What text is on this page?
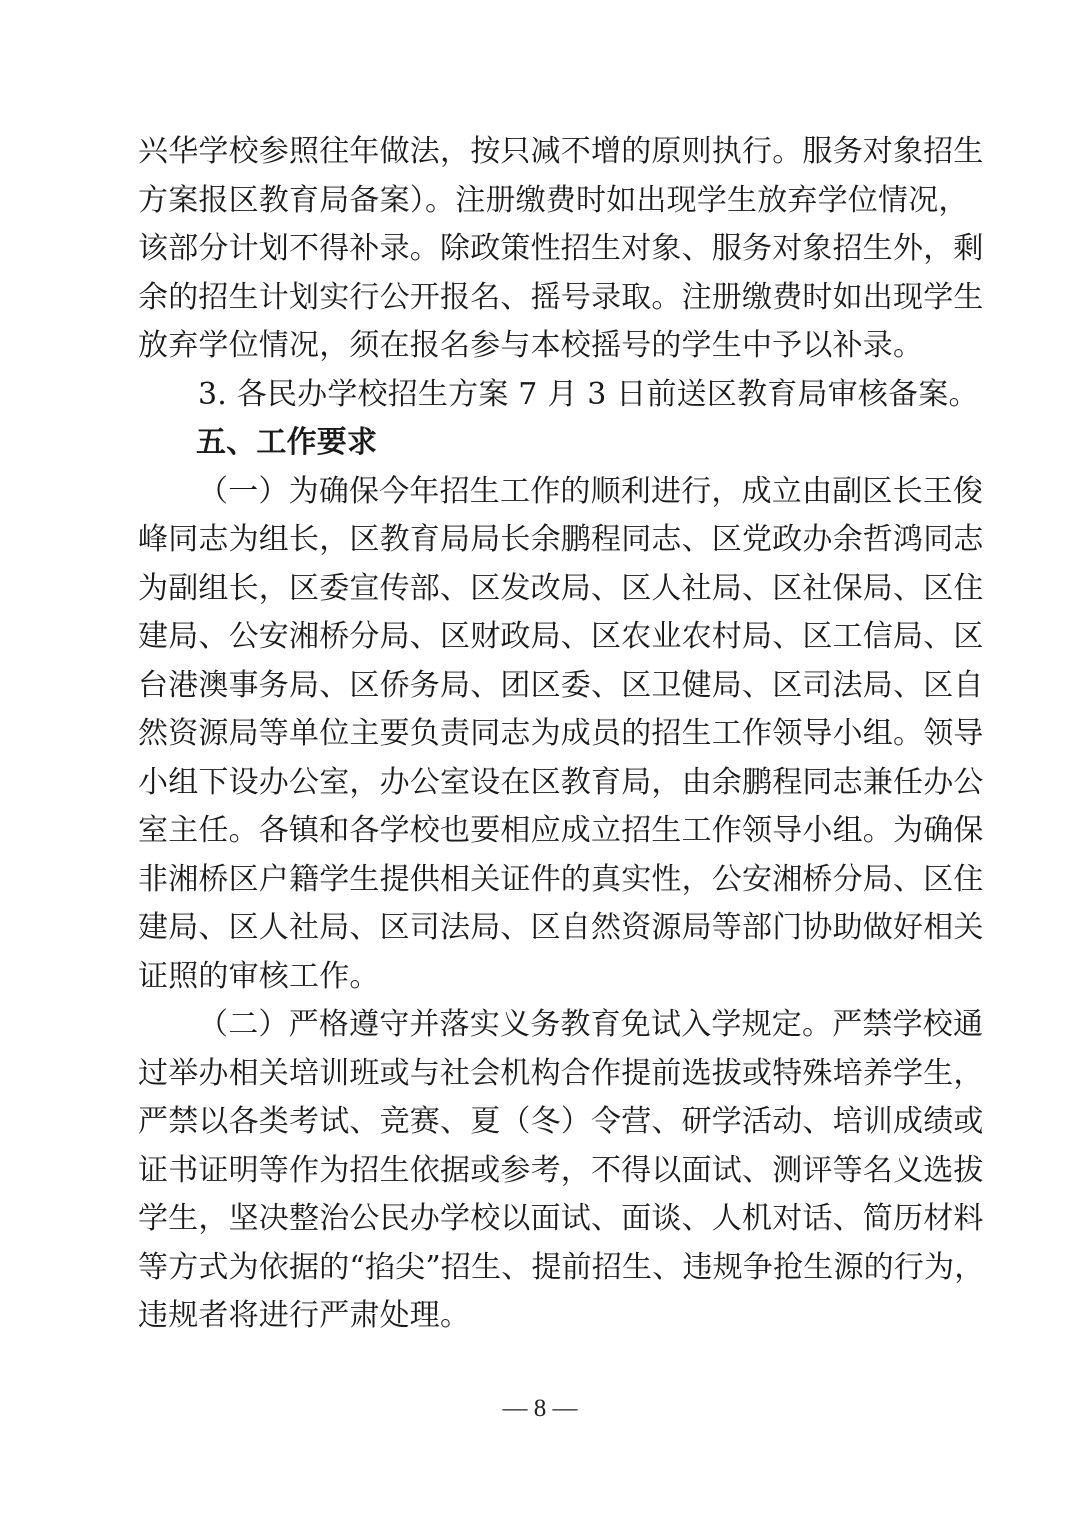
兴华学校参照往年做法，按只减不增的原则执行。服务对象招生
方案报区教育局备案）。注册缴费时如出现学生放弃学位情况，
该部分计划不得补录。除政策性招生对象、服务对象招生外，剩
余的招生计划实行公开报名、摇号录取。注册缴费时如出现学生
放弃学位情况，须在报名参与本校摇号的学生中予以补录。
3. 各民办学校招生方案 7 月 3 日前送区教育局审核备案。
五、工作要求
（一）为确保今年招生工作的顺利进行，成立由副区长王俊
峰同志为组长，区教育局局长余鹏程同志、区党政办余哲鸿同志
为副组长，区委宣传部、区发改局、区人社局、区社保局、区住
建局、公安湘桥分局、区财政局、区农业农村局、区工信局、区
台港澳事务局、区侨务局、团区委、区卫健局、区司法局、区自
然资源局等单位主要负责同志为成员的招生工作领导小组。领导
小组下设办公室，办公室设在区教育局，由余鹏程同志兼任办公
室主任。各镇和各学校也要相应成立招生工作领导小组。为确保
非湘桥区户籍学生提供相关证件的真实性，公安湘桥分局、区住
建局、区人社局、区司法局、区自然资源局等部门协助做好相关
证照的审核工作。
（二）严格遵守并落实义务教育免试入学规定。严禁学校通
过举办相关培训班或与社会机构合作提前选拔或特殊培养学生，
严禁以各类考试、竞赛、夏（冬）令营、研学活动、培训成绩或
证书证明等作为招生依据或参考，不得以面试、测评等名义选拔
学生，坚决整治公民办学校以面试、面谈、人机对话、简历材料
等方式为依据的“掐尖”招生、提前招生、违规争抢生源的行为，
违规者将进行严肃处理。
— 8 —
